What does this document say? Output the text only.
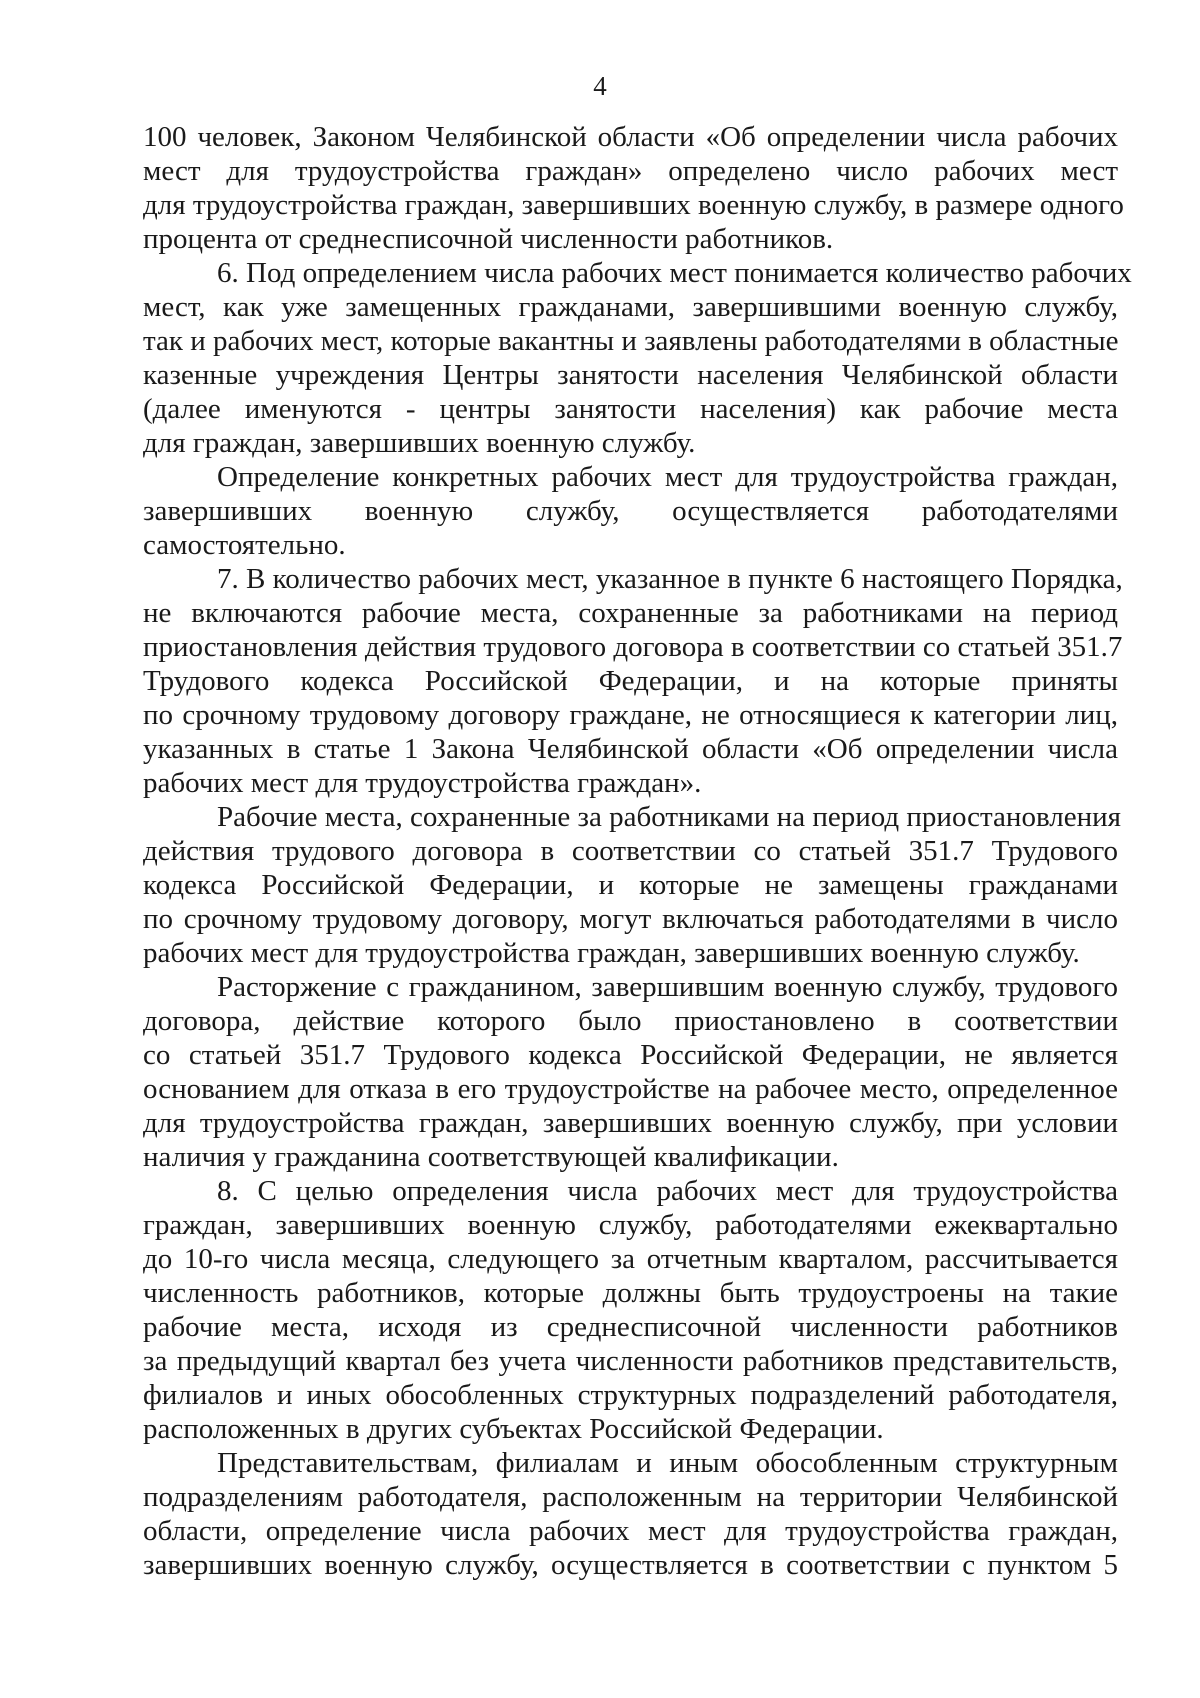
4
100 человек, Законом Челябинской области «Об определении числа рабочих
мест для трудоустройства граждан» определено число рабочих мест
для трудоустройства граждан, завершивших военную службу, в размере одного
процента от среднесписочной численности работников.
6. Под определением числа рабочих мест понимается количество рабочих
мест, как уже замещенных гражданами, завершившими военную службу,
так и рабочих мест, которые вакантны и заявлены работодателями в областные
казенные учреждения Центры занятости населения Челябинской области
(далее именуются - центры занятости населения) как рабочие места
для граждан, завершивших военную службу.
Определение конкретных рабочих мест для трудоустройства граждан,
завершивших военную службу, осуществляется работодателями
самостоятельно.
7. В количество рабочих мест, указанное в пункте 6 настоящего Порядка,
не включаются рабочие места, сохраненные за работниками на период
приостановления действия трудового договора в соответствии со статьей 351.7
Трудового кодекса Российской Федерации, и на которые приняты
по срочному трудовому договору граждане, не относящиеся к категории лиц,
указанных в статье 1 Закона Челябинской области «Об определении числа
рабочих мест для трудоустройства граждан».
Рабочие места, сохраненные за работниками на период приостановления
действия трудового договора в соответствии со статьей 351.7 Трудового
кодекса Российской Федерации, и которые не замещены гражданами
по срочному трудовому договору, могут включаться работодателями в число
рабочих мест для трудоустройства граждан, завершивших военную службу.
Расторжение с гражданином, завершившим военную службу, трудового
договора, действие которого было приостановлено в соответствии
со статьей 351.7 Трудового кодекса Российской Федерации, не является
основанием для отказа в его трудоустройстве на рабочее место, определенное
для трудоустройства граждан, завершивших военную службу, при условии
наличия у гражданина соответствующей квалификации.
8. С целью определения числа рабочих мест для трудоустройства
граждан, завершивших военную службу, работодателями ежеквартально
до 10-го числа месяца, следующего за отчетным кварталом, рассчитывается
численность работников, которые должны быть трудоустроены на такие
рабочие места, исходя из среднесписочной численности работников
за предыдущий квартал без учета численности работников представительств,
филиалов и иных обособленных структурных подразделений работодателя,
расположенных в других субъектах Российской Федерации.
Представительствам, филиалам и иным обособленным структурным
подразделениям работодателя, расположенным на территории Челябинской
области, определение числа рабочих мест для трудоустройства граждан,
завершивших военную службу, осуществляется в соответствии с пунктом 5
